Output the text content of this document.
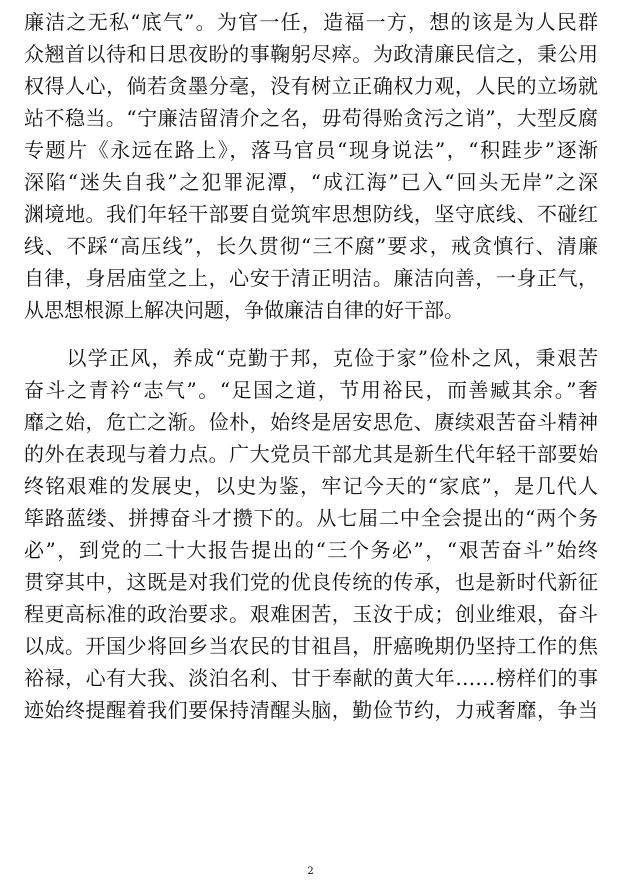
廉洁之无私“底气”。为官一任，造福一方，想的该是为人民群
众翘首以待和日思夜盼的事鞠躬尽瘁。为政清廉民信之，秉公用
权得人心，倘若贪墨分毫，没有树立正确权力观，人民的立场就
站不稳当。“宁廉洁留清介之名，毋苟得贻贪污之诮”，大型反腐
专题片《永远在路上》，落马官员“现身说法”，“积跬步”逐渐
深陷“迷失自我”之犯罪泥潭，“成江海”已入“回头无岸”之深
渊境地。我们年轻干部要自觉筑牢思想防线，坚守底线、不碰红
线、不踩“高压线”，长久贯彻“三不腐”要求，戒贪慎行、清廉
自律，身居庙堂之上，心安于清正明洁。廉洁向善，一身正气，
从思想根源上解决问题，争做廉洁自律的好干部。
　　以学正风，养成“克勤于邦，克俭于家”俭朴之风，秉艰苦
奋斗之青衿“志气”。“足国之道，节用裕民，而善臧其余。”奢
靡之始，危亡之渐。俭朴，始终是居安思危、赓续艰苦奋斗精神
的外在表现与着力点。广大党员干部尤其是新生代年轻干部要始
终铭艰难的发展史，以史为鉴，牢记今天的“家底”，是几代人
筚路蓝缕、拼搏奋斗才攒下的。从七届二中全会提出的“两个务
必”，到党的二十大报告提出的“三个务必”，“艰苦奋斗”始终
贯穿其中，这既是对我们党的优良传统的传承，也是新时代新征
程更高标准的政治要求。艰难困苦，玉汝于成；创业维艰，奋斗
以成。开国少将回乡当农民的甘祖昌，肝癌晚期仍坚持工作的焦
裕禄，心有大我、淡泊名利、甘于奉献的黄大年……榜样们的事
迹始终提醒着我们要保持清醒头脑，勤俭节约，力戒奢靡，争当
2
